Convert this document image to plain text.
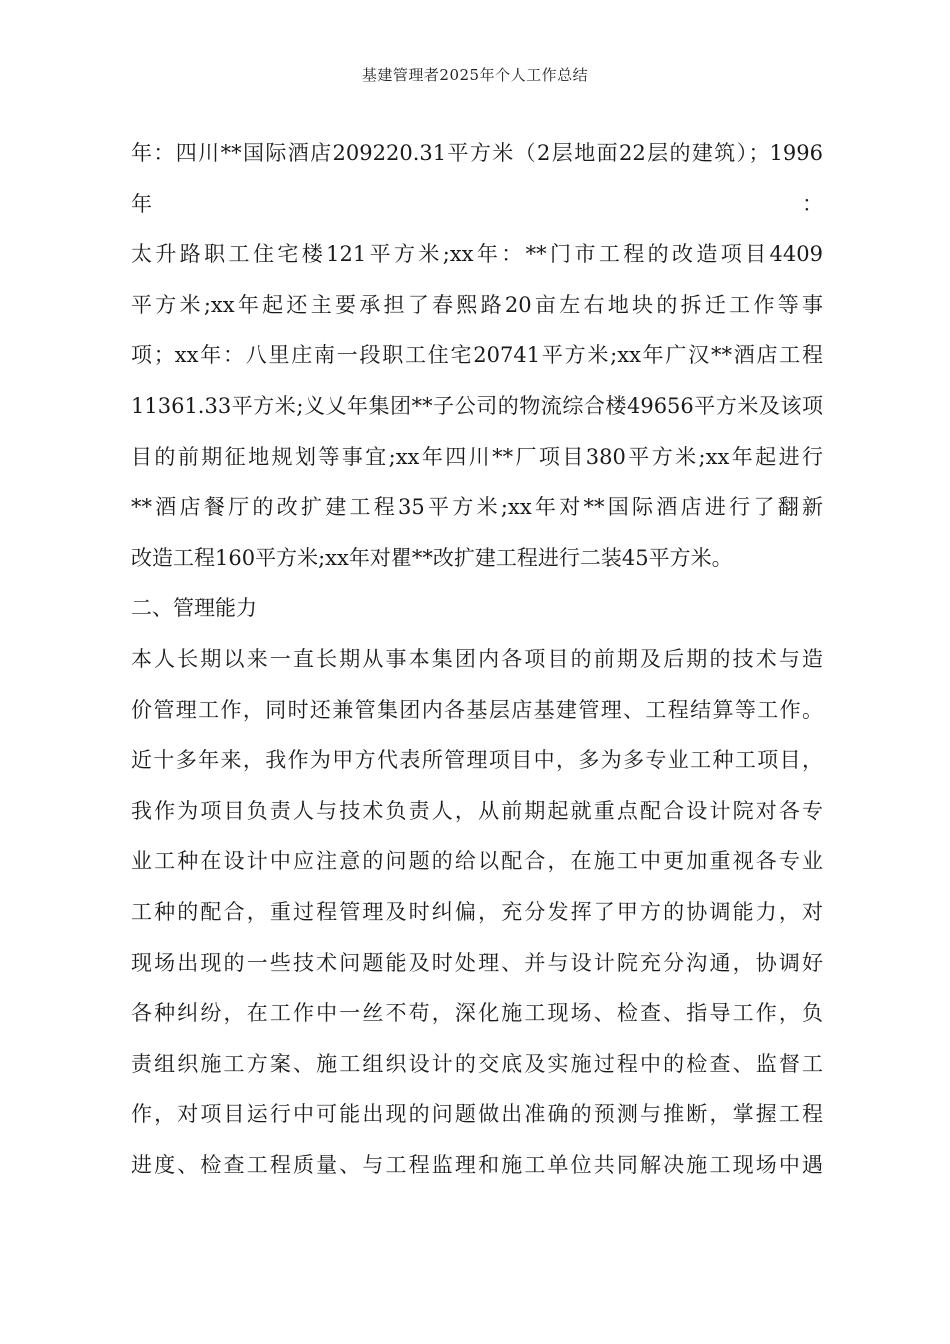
基建管理者2025年个人工作总结
年：四川**国际酒店209220.31平方米（2层地面22层的建筑）；1996
年	：
太升路职工住宅楼121平方米;xx年：**门市工程的改造项目4409
平方米;xx年起还主要承担了春熙路20亩左右地块的拆迁工作等事
项；xx年：八里庄南一段职工住宅20741平方米;xx年广汉**酒店工程
11361.33平方米;义乂年集团**子公司的物流综合楼49656平方米及该项
目的前期征地规划等事宜;xx年四川**厂项目380平方米;xx年起进行
**酒店餐厅的改扩建工程35平方米;xx年对**国际酒店进行了翻新
改造工程160平方米;xx年对瞿**改扩建工程进行二装45平方米。
二、管理能力
本人长期以来一直长期从事本集团内各项目的前期及后期的技术与造
价管理工作，同时还兼管集团内各基层店基建管理、工程结算等工作。
近十多年来，我作为甲方代表所管理项目中，多为多专业工种工项目，
我作为项目负责人与技术负责人，从前期起就重点配合设计院对各专
业工种在设计中应注意的问题的给以配合，在施工中更加重视各专业
工种的配合，重过程管理及时纠偏，充分发挥了甲方的协调能力，对
现场出现的一些技术问题能及时处理、并与设计院充分沟通，协调好
各种纠纷，在工作中一丝不苟，深化施工现场、检查、指导工作，负
责组织施工方案、施工组织设计的交底及实施过程中的检查、监督工
作，对项目运行中可能出现的问题做出准确的预测与推断，掌握工程
进度、检查工程质量、与工程监理和施工单位共同解决施工现场中遇
